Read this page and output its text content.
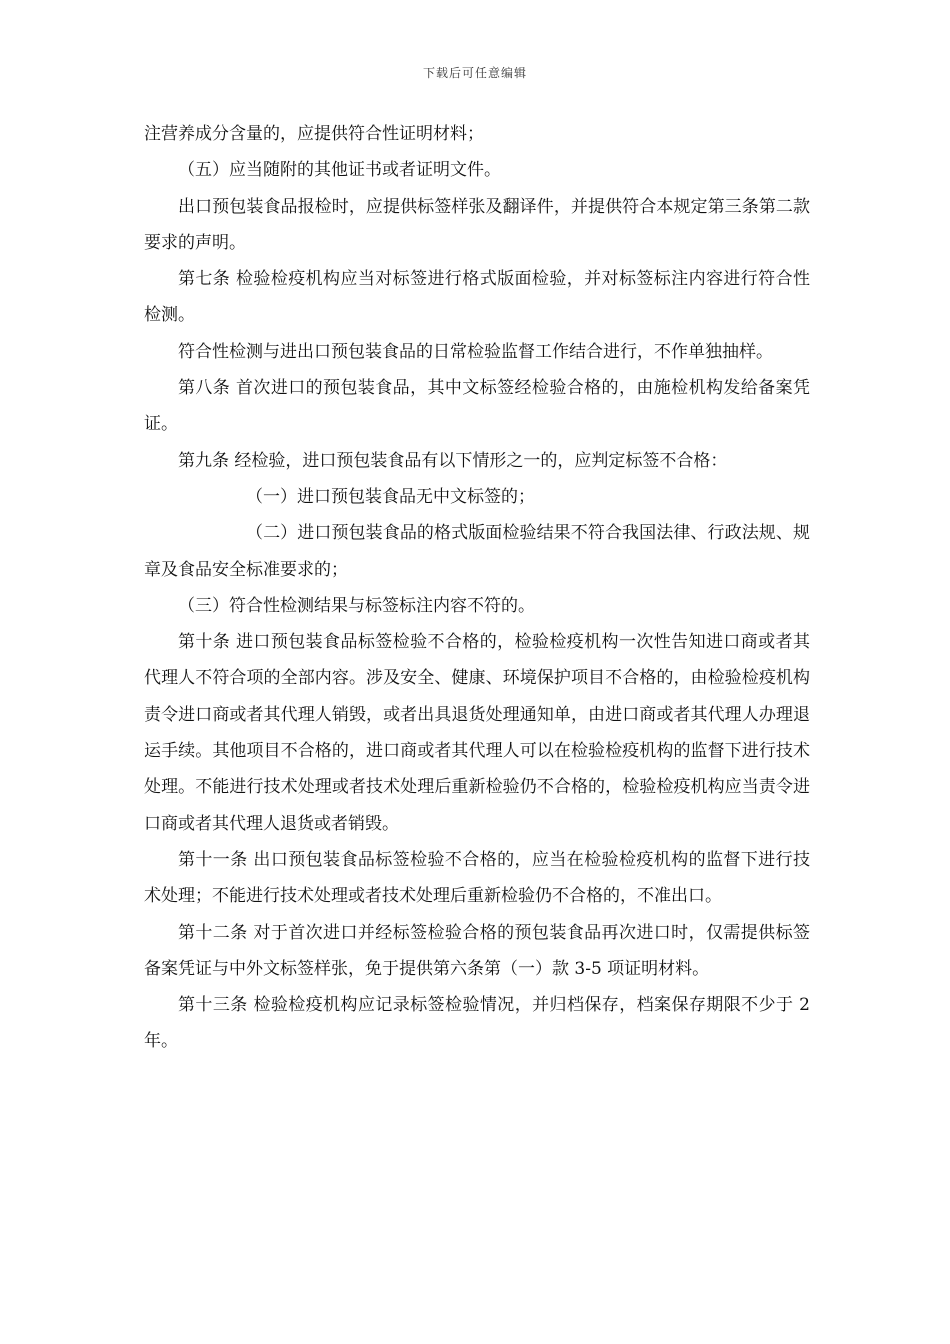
下载后可任意编辑

注营养成分含量的，应提供符合性证明材料；

（五）应当随附的其他证书或者证明文件。

出口预包装食品报检时，应提供标签样张及翻译件，并提供符合本规定第三条第二款要求的声明。

第七条 检验检疫机构应当对标签进行格式版面检验，并对标签标注内容进行符合性检测。

符合性检测与进出口预包装食品的日常检验监督工作结合进行，不作单独抽样。

第八条 首次进口的预包装食品，其中文标签经检验合格的，由施检机构发给备案凭证。

第九条 经检验，进口预包装食品有以下情形之一的，应判定标签不合格：

（一）进口预包装食品无中文标签的；

（二）进口预包装食品的格式版面检验结果不符合我国法律、行政法规、规章及食品安全标准要求的；

（三）符合性检测结果与标签标注内容不符的。

第十条 进口预包装食品标签检验不合格的，检验检疫机构一次性告知进口商或者其代理人不符合项的全部内容。涉及安全、健康、环境保护项目不合格的，由检验检疫机构责令进口商或者其代理人销毁，或者出具退货处理通知单，由进口商或者其代理人办理退运手续。其他项目不合格的，进口商或者其代理人可以在检验检疫机构的监督下进行技术处理。不能进行技术处理或者技术处理后重新检验仍不合格的，检验检疫机构应当责令进口商或者其代理人退货或者销毁。

第十一条 出口预包装食品标签检验不合格的，应当在检验检疫机构的监督下进行技术处理；不能进行技术处理或者技术处理后重新检验仍不合格的，不准出口。

第十二条 对于首次进口并经标签检验合格的预包装食品再次进口时，仅需提供标签备案凭证与中外文标签样张，免于提供第六条第（一）款 3-5 项证明材料。

第十三条 检验检疫机构应记录标签检验情况，并归档保存，档案保存期限不少于 2 年。
